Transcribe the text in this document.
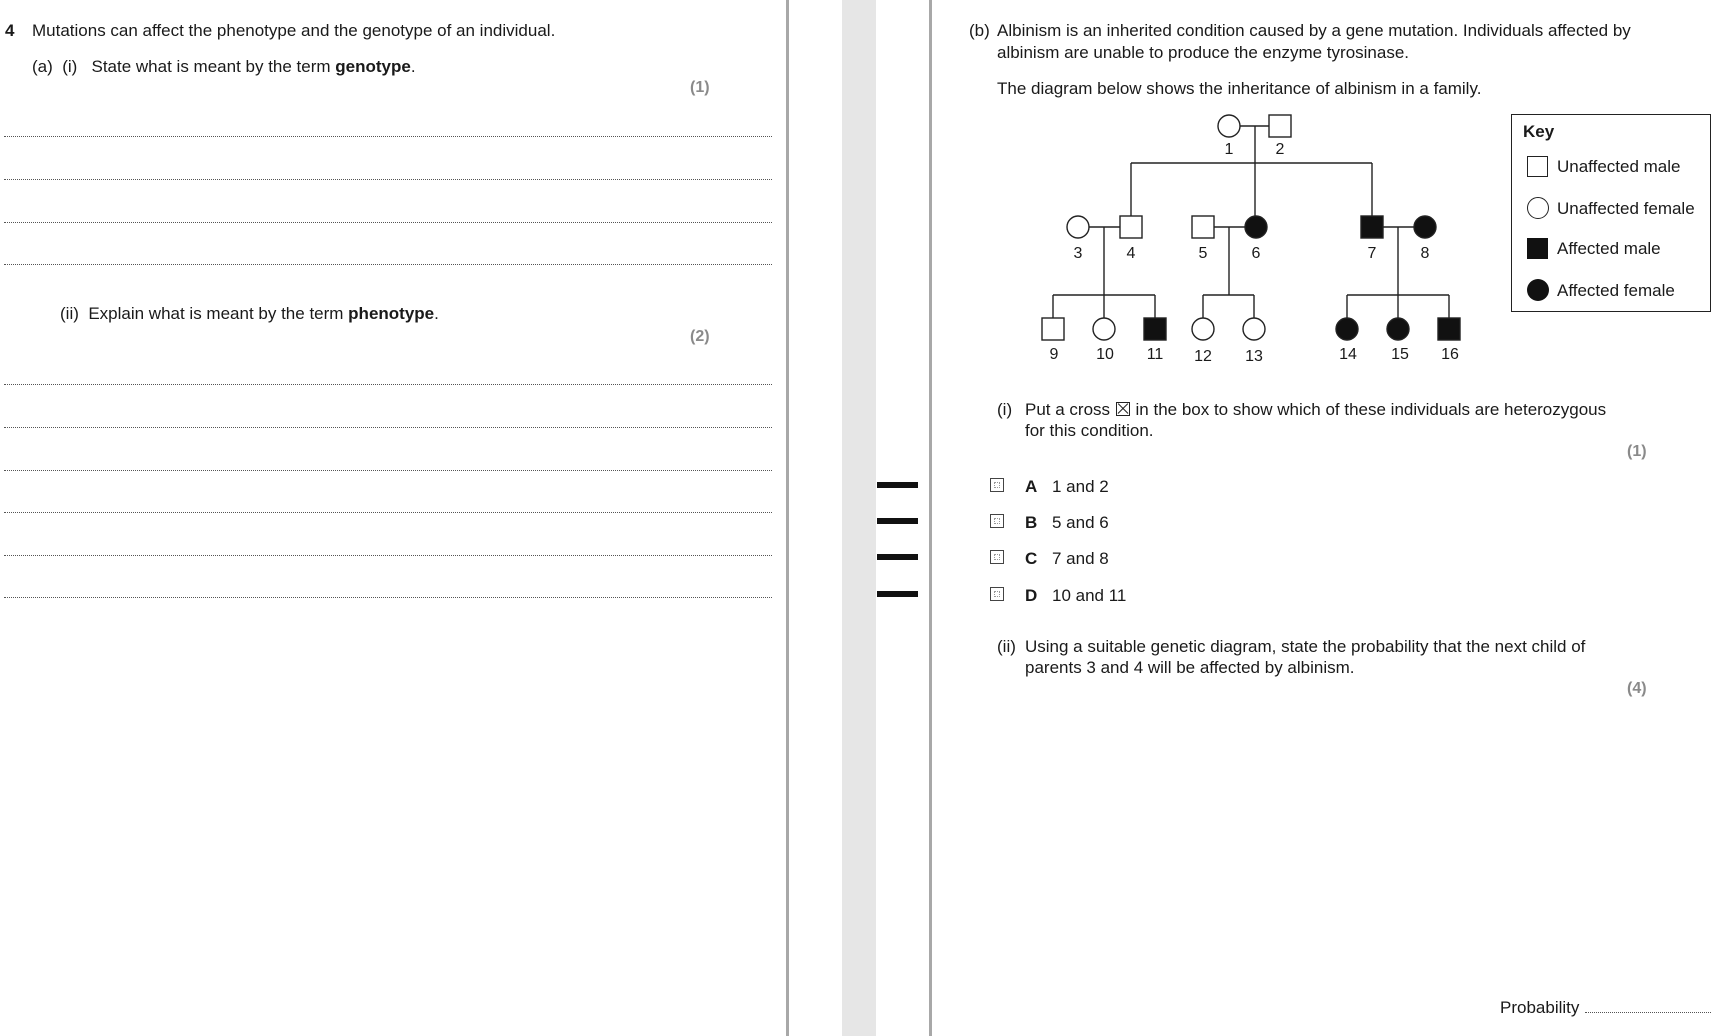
4 Mutations can affect the phenotype and the genotype of an individual.
(a)  (i)   State what is meant by the term genotype.
(1)
(ii)  Explain what is meant by the term phenotype.
(2)
(b) Albinism is an inherited condition caused by a gene mutation. Individuals affected by
albinism are unable to produce the enzyme tyrosinase.
The diagram below shows the inheritance of albinism in a family.
1	2
3	4	5	6	7	8
9 10 11 12 13	14 15 16
Key
Unaffected male
Unaffected female
Affected male
Affected female
(i) Put a cross ☒ in the box to show which of these individuals are heterozygous
for this condition.
(1)
A 1 and 2
B 5 and 6
C 7 and 8
D 10 and 11
(ii) Using a suitable genetic diagram, state the probability that the next child of
parents 3 and 4 will be affected by albinism.
(4)
Probability
